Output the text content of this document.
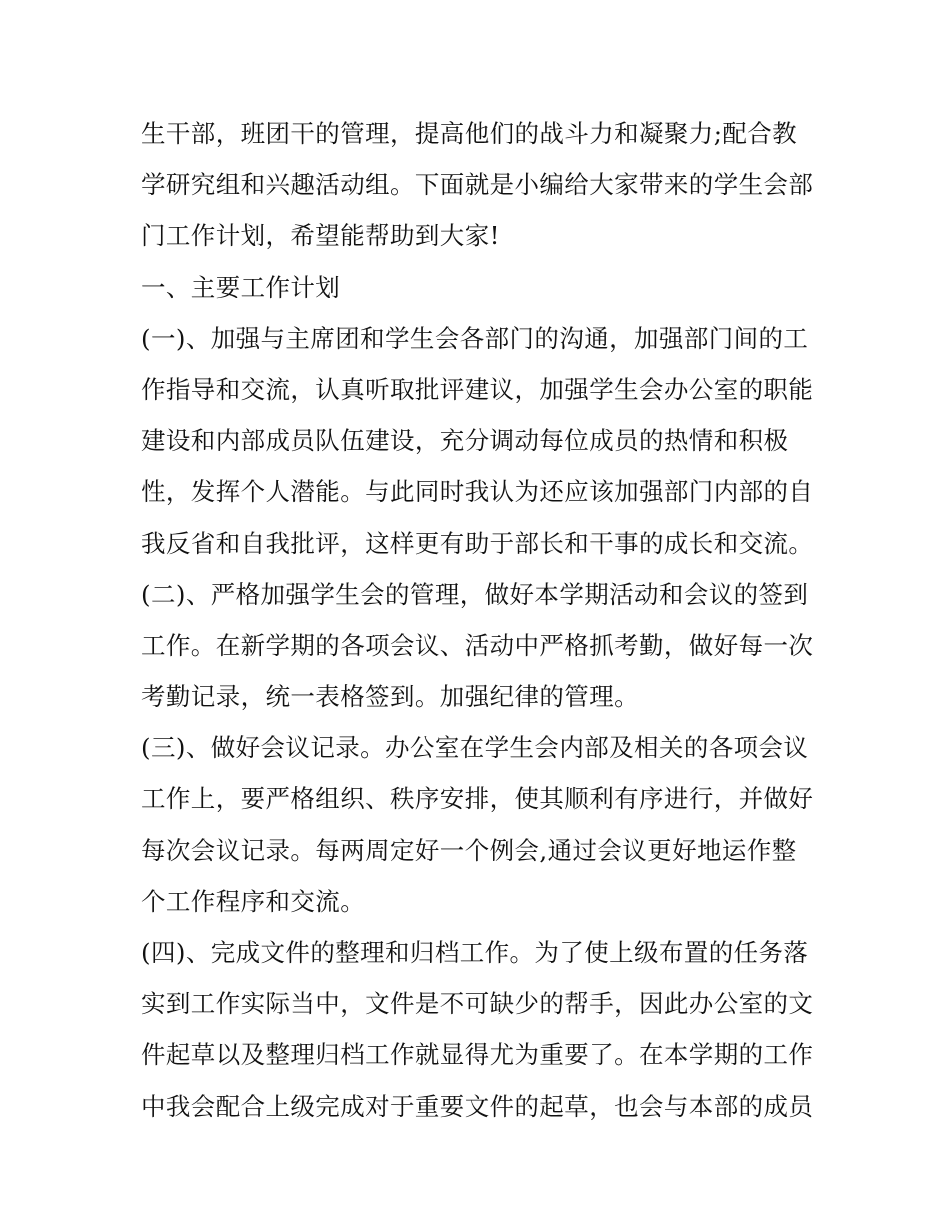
生干部，班团干的管理，提高他们的战斗力和凝聚力;配合教
学研究组和兴趣活动组。下面就是小编给大家带来的学生会部
门工作计划，希望能帮助到大家!
一、主要工作计划
(一)、加强与主席团和学生会各部门的沟通，加强部门间的工
作指导和交流，认真听取批评建议，加强学生会办公室的职能
建设和内部成员队伍建设，充分调动每位成员的热情和积极
性，发挥个人潜能。与此同时我认为还应该加强部门内部的自
我反省和自我批评，这样更有助于部长和干事的成长和交流。
(二)、严格加强学生会的管理，做好本学期活动和会议的签到
工作。在新学期的各项会议、活动中严格抓考勤，做好每一次
考勤记录，统一表格签到。加强纪律的管理。
(三)、做好会议记录。办公室在学生会内部及相关的各项会议
工作上，要严格组织、秩序安排，使其顺利有序进行，并做好
每次会议记录。每两周定好一个例会,通过会议更好地运作整
个工作程序和交流。
(四)、完成文件的整理和归档工作。为了使上级布置的任务落
实到工作实际当中，文件是不可缺少的帮手，因此办公室的文
件起草以及整理归档工作就显得尤为重要了。在本学期的工作
中我会配合上级完成对于重要文件的起草，也会与本部的成员
